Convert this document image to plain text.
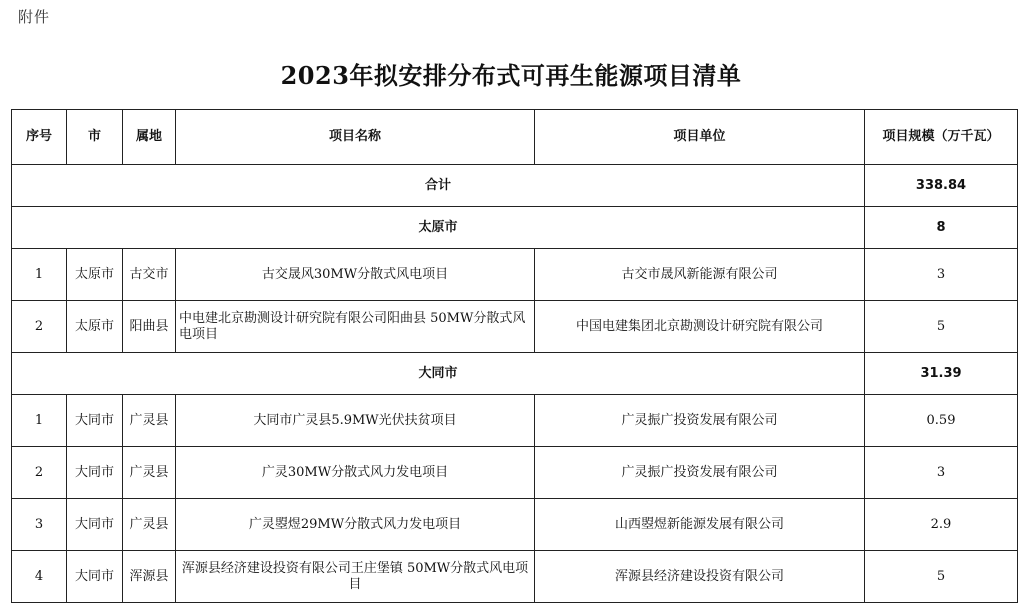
附件
2023年拟安排分布式可再生能源项目清单
序号	市	属地	项目名称	项目单位	项目规模（万千瓦）
合计					338.84
太原市					8
1	太原市	古交市	古交晟风30MW分散式风电项目	古交市晟风新能源有限公司	3
2	太原市	阳曲县	中电建北京勘测设计研究院有限公司阳曲县 50MW分散式风电项目	中国电建集团北京勘测设计研究院有限公司	5
大同市					31.39
1	大同市	广灵县	大同市广灵县5.9MW光伏扶贫项目	广灵振广投资发展有限公司	0.59
2	大同市	广灵县	广灵30MW分散式风力发电项目	广灵振广投资发展有限公司	3
3	大同市	广灵县	广灵曌煜29MW分散式风力发电项目	山西曌煜新能源发展有限公司	2.9
4	大同市	浑源县	浑源县经济建设投资有限公司王庄堡镇 50MW分散式风电项目	浑源县经济建设投资有限公司	5
